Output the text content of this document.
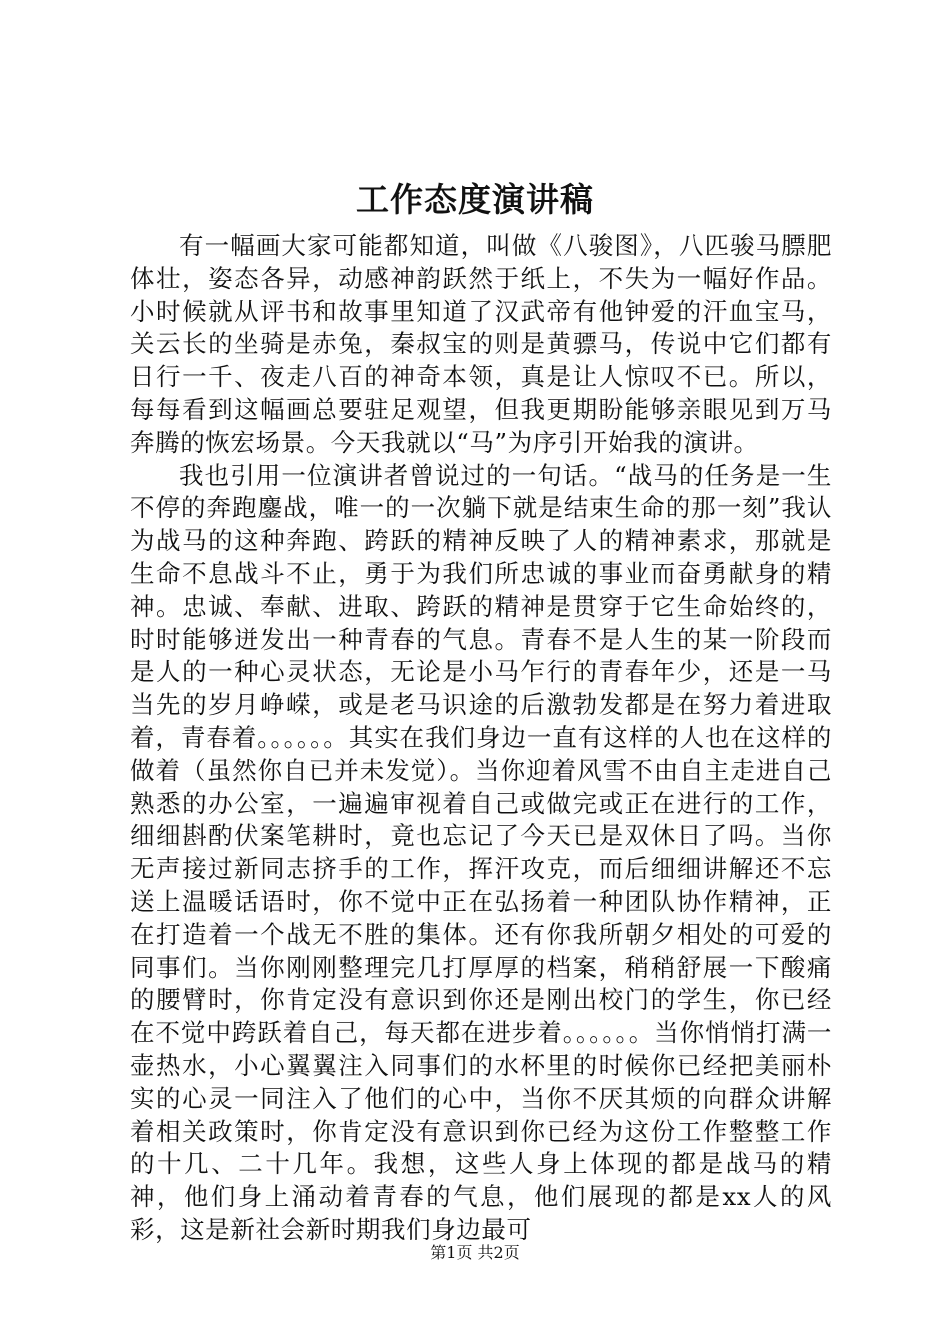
工作态度演讲稿

有一幅画大家可能都知道，叫做《八骏图》，八匹骏马膘肥体壮，姿态各异，动感神韵跃然于纸上，不失为一幅好作品。小时候就从评书和故事里知道了汉武帝有他钟爱的汗血宝马，关云长的坐骑是赤兔，秦叔宝的则是黄骠马，传说中它们都有日行一千、夜走八百的神奇本领，真是让人惊叹不已。所以，每每看到这幅画总要驻足观望，但我更期盼能够亲眼见到万马奔腾的恢宏场景。今天我就以“马”为序引开始我的演讲。

我也引用一位演讲者曾说过的一句话。“战马的任务是一生不停的奔跑鏖战，唯一的一次躺下就是结束生命的那一刻”我认为战马的这种奔跑、跨跃的精神反映了人的精神素求，那就是生命不息战斗不止，勇于为我们所忠诚的事业而奋勇献身的精神。忠诚、奉献、进取、跨跃的精神是贯穿于它生命始终的，时时能够迸发出一种青春的气息。青春不是人生的某一阶段而是人的一种心灵状态，无论是小马乍行的青春年少，还是一马当先的岁月峥嵘，或是老马识途的后激勃发都是在努力着进取着，青春着。。。。。。其实在我们身边一直有这样的人也在这样的做着（虽然你自已并未发觉）。当你迎着风雪不由自主走进自己熟悉的办公室，一遍遍审视着自己或做完或正在进行的工作，细细斟酌伏案笔耕时，竟也忘记了今天已是双休日了吗。当你无声接过新同志挤手的工作，挥汗攻克，而后细细讲解还不忘送上温暖话语时，你不觉中正在弘扬着一种团队协作精神，正在打造着一个战无不胜的集体。还有你我所朝夕相处的可爱的同事们。当你刚刚整理完几打厚厚的档案，稍稍舒展一下酸痛的腰臂时，你肯定没有意识到你还是刚出校门的学生，你已经在不觉中跨跃着自己，每天都在进步着。。。。。。当你悄悄打满一壶热水，小心翼翼注入同事们的水杯里的时候你已经把美丽朴实的心灵一同注入了他们的心中，当你不厌其烦的向群众讲解着相关政策时，你肯定没有意识到你已经为这份工作整整工作的十几、二十几年。我想，这些人身上体现的都是战马的精神，他们身上涌动着青春的气息，他们展现的都是xx人的风彩，这是新社会新时期我们身边最可

第1页 共2页
